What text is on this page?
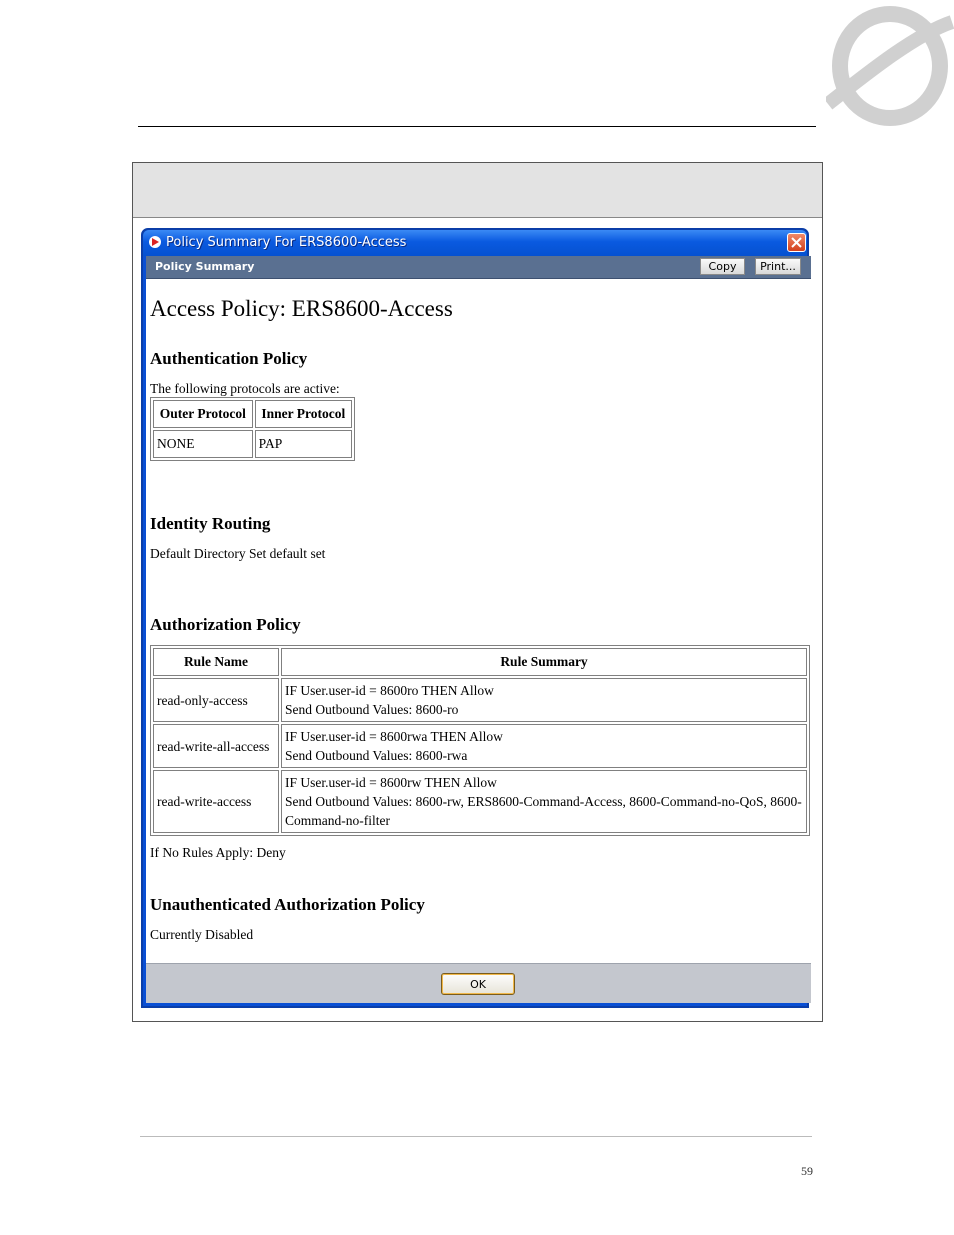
Policy Summary For ERS8600-Access
Policy Summary	Copy	Print...
Access Policy: ERS8600-Access
Authentication Policy

The following protocols are active:

Outer Protocol	Inner Protocol
NONE	PAP
Identity Routing

Default Directory Set default set

Authorization Policy
Rule Name	Rule Summary
read-only-access	IF User.user-id = 8600ro THEN Allow
Send Outbound Values: 8600-ro

read-write-all-access	IF User.user-id = 8600rwa THEN Allow
Send Outbound Values: 8600-rwa

read-write-access	IF User.user-id = 8600rw THEN Allow
Send Outbound Values: 8600-rw, ERS8600-Command-Access, 8600-Command-no-QoS, 8600-Command-no-filter

If No Rules Apply: Deny

Unauthenticated Authorization Policy

Currently Disabled

OK
59
